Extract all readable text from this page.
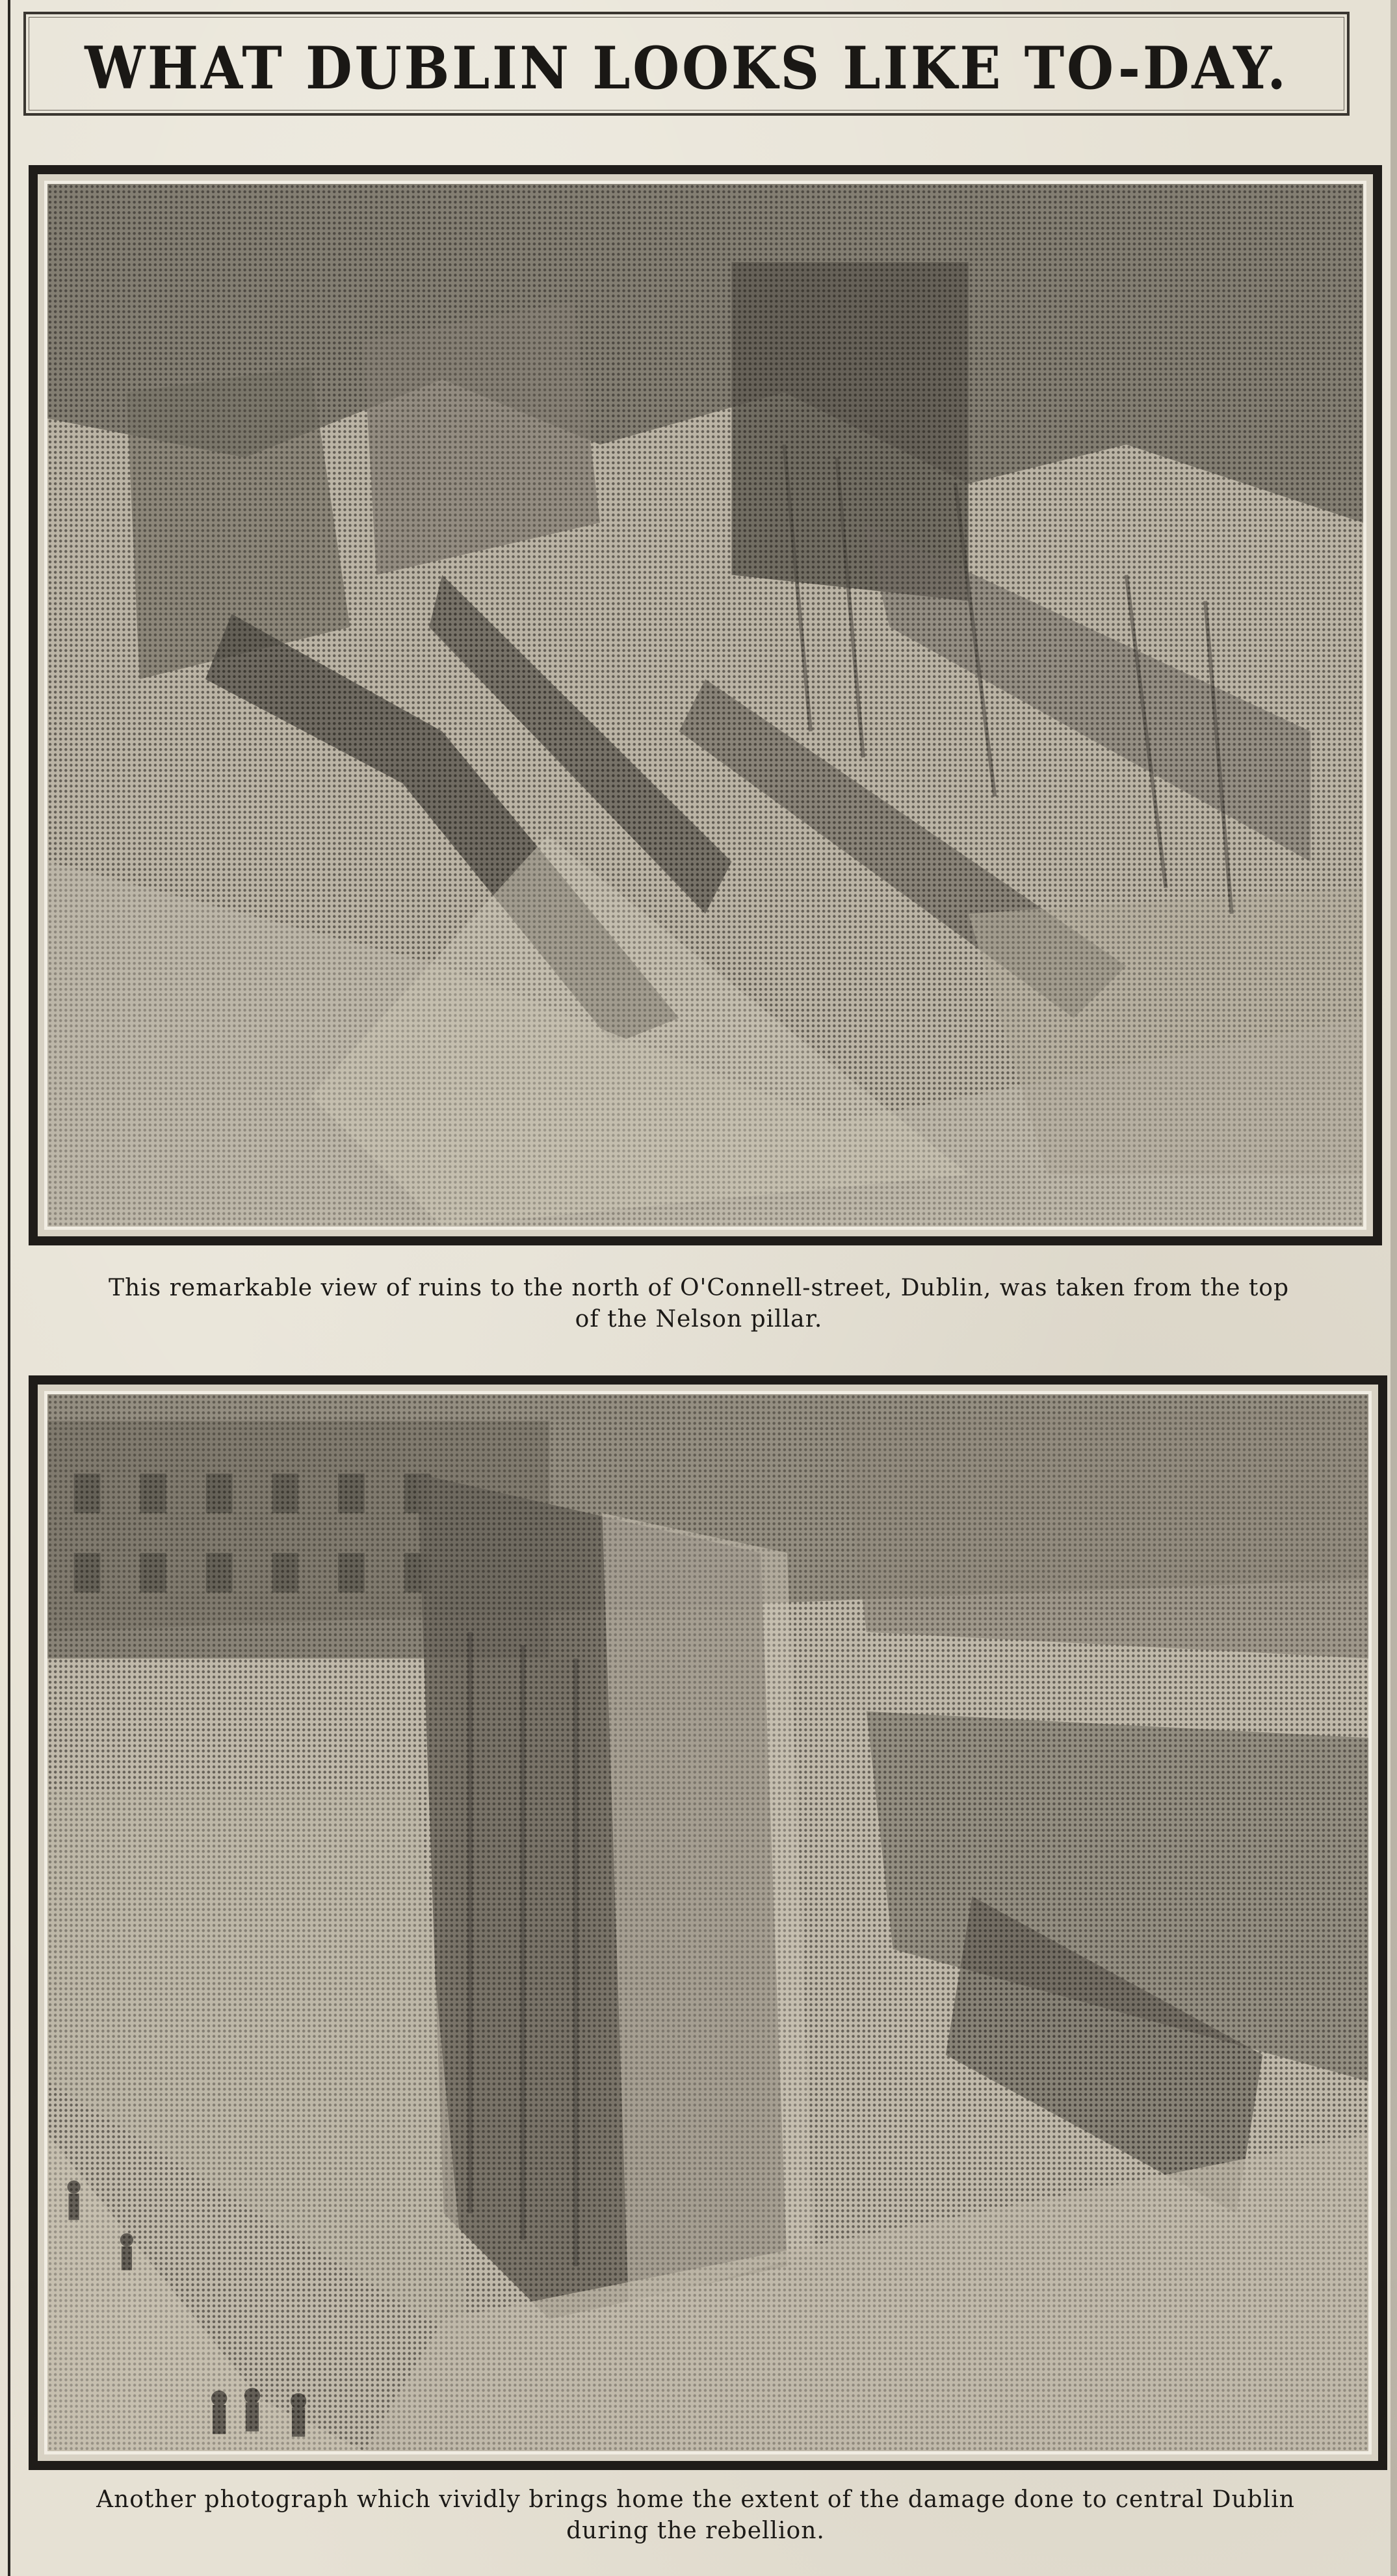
WHAT DUBLIN LOOKS LIKE TO-DAY.
This remarkable view of ruins to the north of O'Connell-street, Dublin, was taken from the top
of the Nelson pillar.
Another photograph which vividly brings home the extent of the damage done to central Dublin
during the rebellion.
